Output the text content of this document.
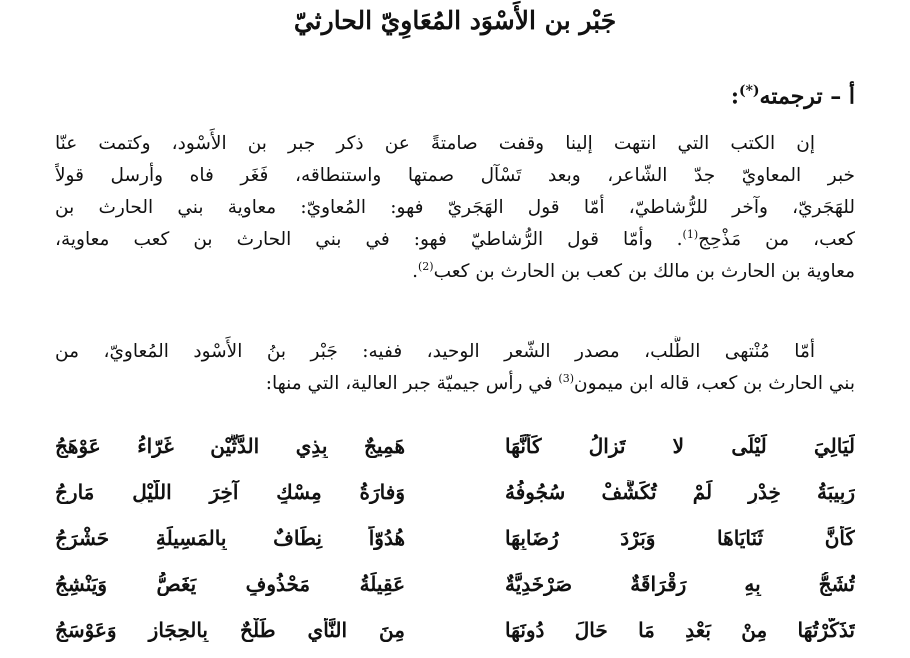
جَبْر بن الأَسْوَد المُعَاوِيّ الحارثيّ
أ – ترجمته(*):
إن الكتب التي انتهت إلينا وقفت صامتةً عن ذكر جبر بن الأَسْود، وكتمت عنّا
خبر المعاويّ جدّ الشّاعر، وبعد تَسْآل صمتها واستنطاقه، فَغَر فاه وأرسل قولاً
للهَجَريّ، وآخر للرُّشاطيّ، أمّا قول الهَجَريّ فهو: المُعاويّ: معاوية بني الحارث بن
كعب، من مَذْحِج$^{(1)}$. وأمّا قول الرُّشاطيّ فهو: في بني الحارث بن كعب معاوية،
معاوية بن الحارث بن مالك بن كعب بن الحارث بن كعب$^{(2)}$.
أمّا مُنْتهى الطَّلب، مصدر الشّعر الوحيد، ففيه: جَبْر بنُ الأَسْود المُعاويّ، من
بني الحارث بن كعب، قاله ابن ميمون$^{(3)}$ في رأس جيميّة جبر العالية، التي منها:
لَيَالِيَ لَيْلَى لا تَزالُ كَأَنَّهَا
هَمِيجٌ بِذِي الدَّثَّيْنِ غَرّاءُ عَوْهَجُ
رَبِيبَةُ خِدْرٍ لَمْ تُكَشَّفْ سُجُوفُهُ
وَفارَةُ مِسْكٍ آخِرَ اللَّيْلِ مَارِجُ
كَأَنَّ ثَنَايَاهَا وَبَرْدَ رُضَابِهَا
هُدُوّاً نِطَافٌ بِالمَسِيلَةِ حَشْرَجُ
تُشَجُّ بِهِ رَقْرَاقَةٌ صَرْخَدِيَّةٌ
عَقِيلَةُ مَحْذُوفٍ يَغَصُّ وَيَنْشِجُ
تَذَكَّرْتُهَا مِنْ بَعْدِ مَا حَالَ دُونَهَا
مِنَ النَّأْيِ طَلْحٌ بِالحِجَازِ وَعَوْسَجُ
